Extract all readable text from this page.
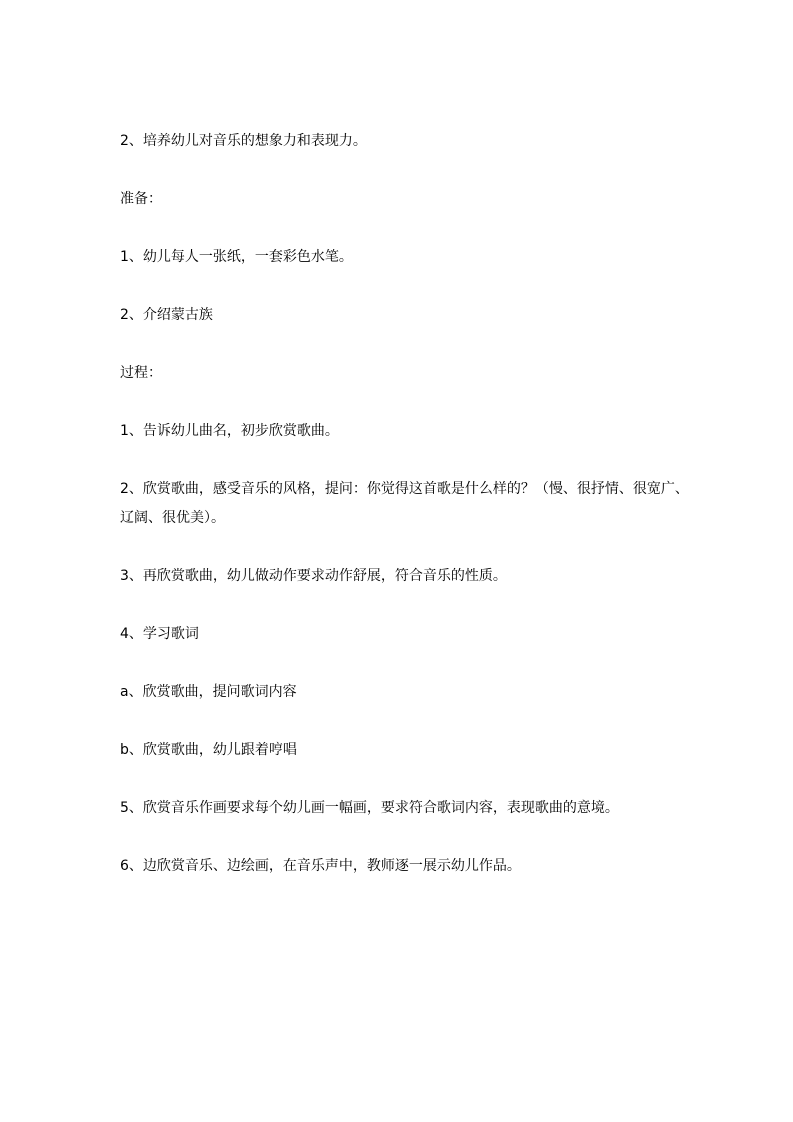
2、培养幼儿对音乐的想象力和表现力。

准备：

1、幼儿每人一张纸，一套彩色水笔。

2、介绍蒙古族

过程：

1、告诉幼儿曲名，初步欣赏歌曲。

2、欣赏歌曲，感受音乐的风格，提问：你觉得这首歌是什么样的？（慢、很抒情、很宽广、

辽阔、很优美）。

3、再欣赏歌曲，幼儿做动作要求动作舒展，符合音乐的性质。

4、学习歌词

a、欣赏歌曲，提问歌词内容

b、欣赏歌曲，幼儿跟着哼唱

5、欣赏音乐作画要求每个幼儿画一幅画，要求符合歌词内容，表现歌曲的意境。

6、边欣赏音乐、边绘画，在音乐声中，教师逐一展示幼儿作品。
